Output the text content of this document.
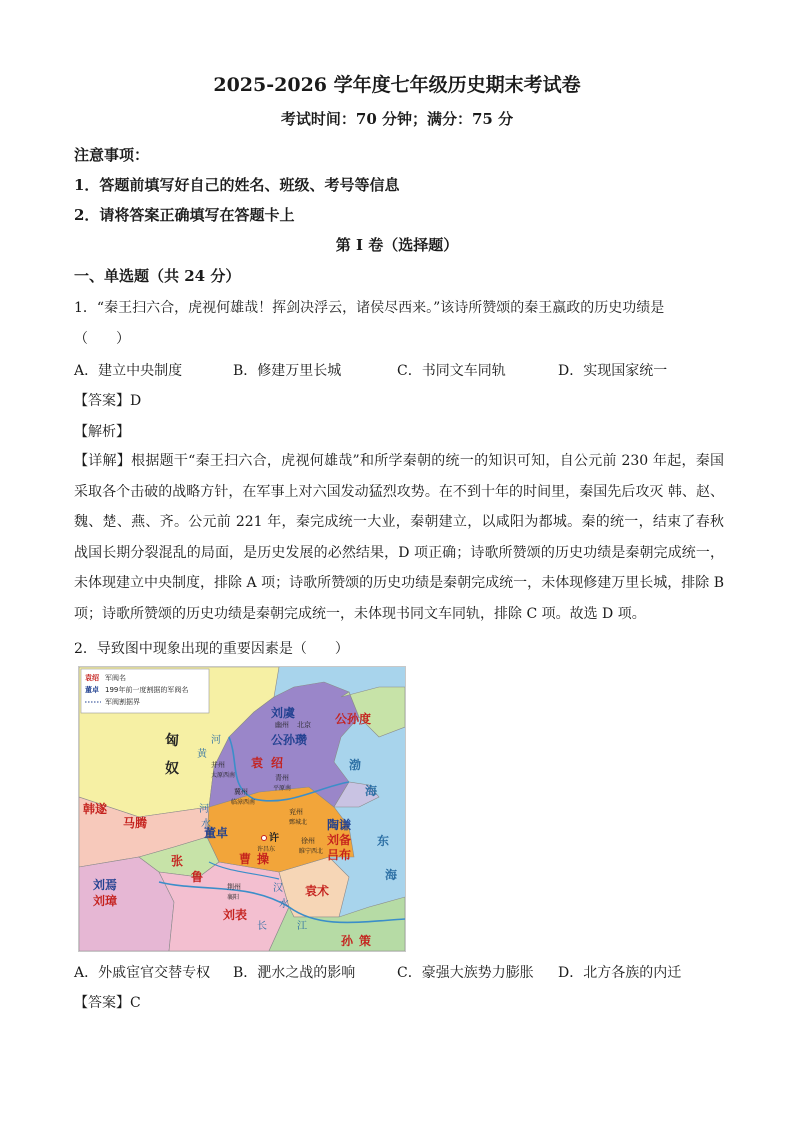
2025-2026 学年度七年级历史期末考试卷
考试时间：70 分钟；满分：75 分
注意事项：
1．答题前填写好自己的姓名、班级、考号等信息
2．请将答案正确填写在答题卡上
第 I 卷（选择题）
一、单选题（共 24 分）
1．“秦王扫六合，虎视何雄哉！挥剑决浮云，诸侯尽西来。”该诗所赞颂的秦王嬴政的历史功绩是
（　　）
A．建立中央制度	B．修建万里长城	C．书同文车同轨	D．实现国家统一
【答案】D
【解析】
【详解】根据题干“秦王扫六合，虎视何雄哉”和所学秦朝的统一的知识可知，自公元前 230 年起，秦国采取各个击破的战略方针，在军事上对六国发动猛烈攻势。在不到十年的时间里，秦国先后攻灭 韩、赵、魏、楚、燕、齐。公元前 221 年，秦完成统一大业，秦朝建立，以咸阳为都城。秦的统一，结束了春秋战国长期分裂混乱的局面，是历史发展的必然结果，D 项正确；诗歌所赞颂的历史功绩是秦朝完成统一，未体现建立中央制度，排除 A 项；诗歌所赞颂的历史功绩是秦朝完成统一，未体现修建万里长城，排除 B 项；诗歌所赞颂的历史功绩是秦朝完成统一，未体现书同文车同轨，排除 C 项。故选 D 项。
2．导致图中现象出现的重要因素是（　　）
袁绍 军阀名
董卓 199年前一度割据的军阀名
军阀割据界
刘虞
公孙瓒
公孙度
袁绍
曹操
董卓
陶谦
刘备
吕布
马腾
韩遂
匈
奴
张
鲁
刘焉
刘璋
刘表
袁术
孙策
幽州 北京
并州
太原西南
冀州
临漳西南
青州
平原南
兖州
鄄城北
许
许昌东
徐州
睢宁西北
荆州
襄阳
渤
海
东
海
黄
河
河
水
汉
水
江
长
A．外戚宦官交替专权 B．淝水之战的影响	C．豪强大族势力膨胀 D．北方各族的内迁
【答案】C
